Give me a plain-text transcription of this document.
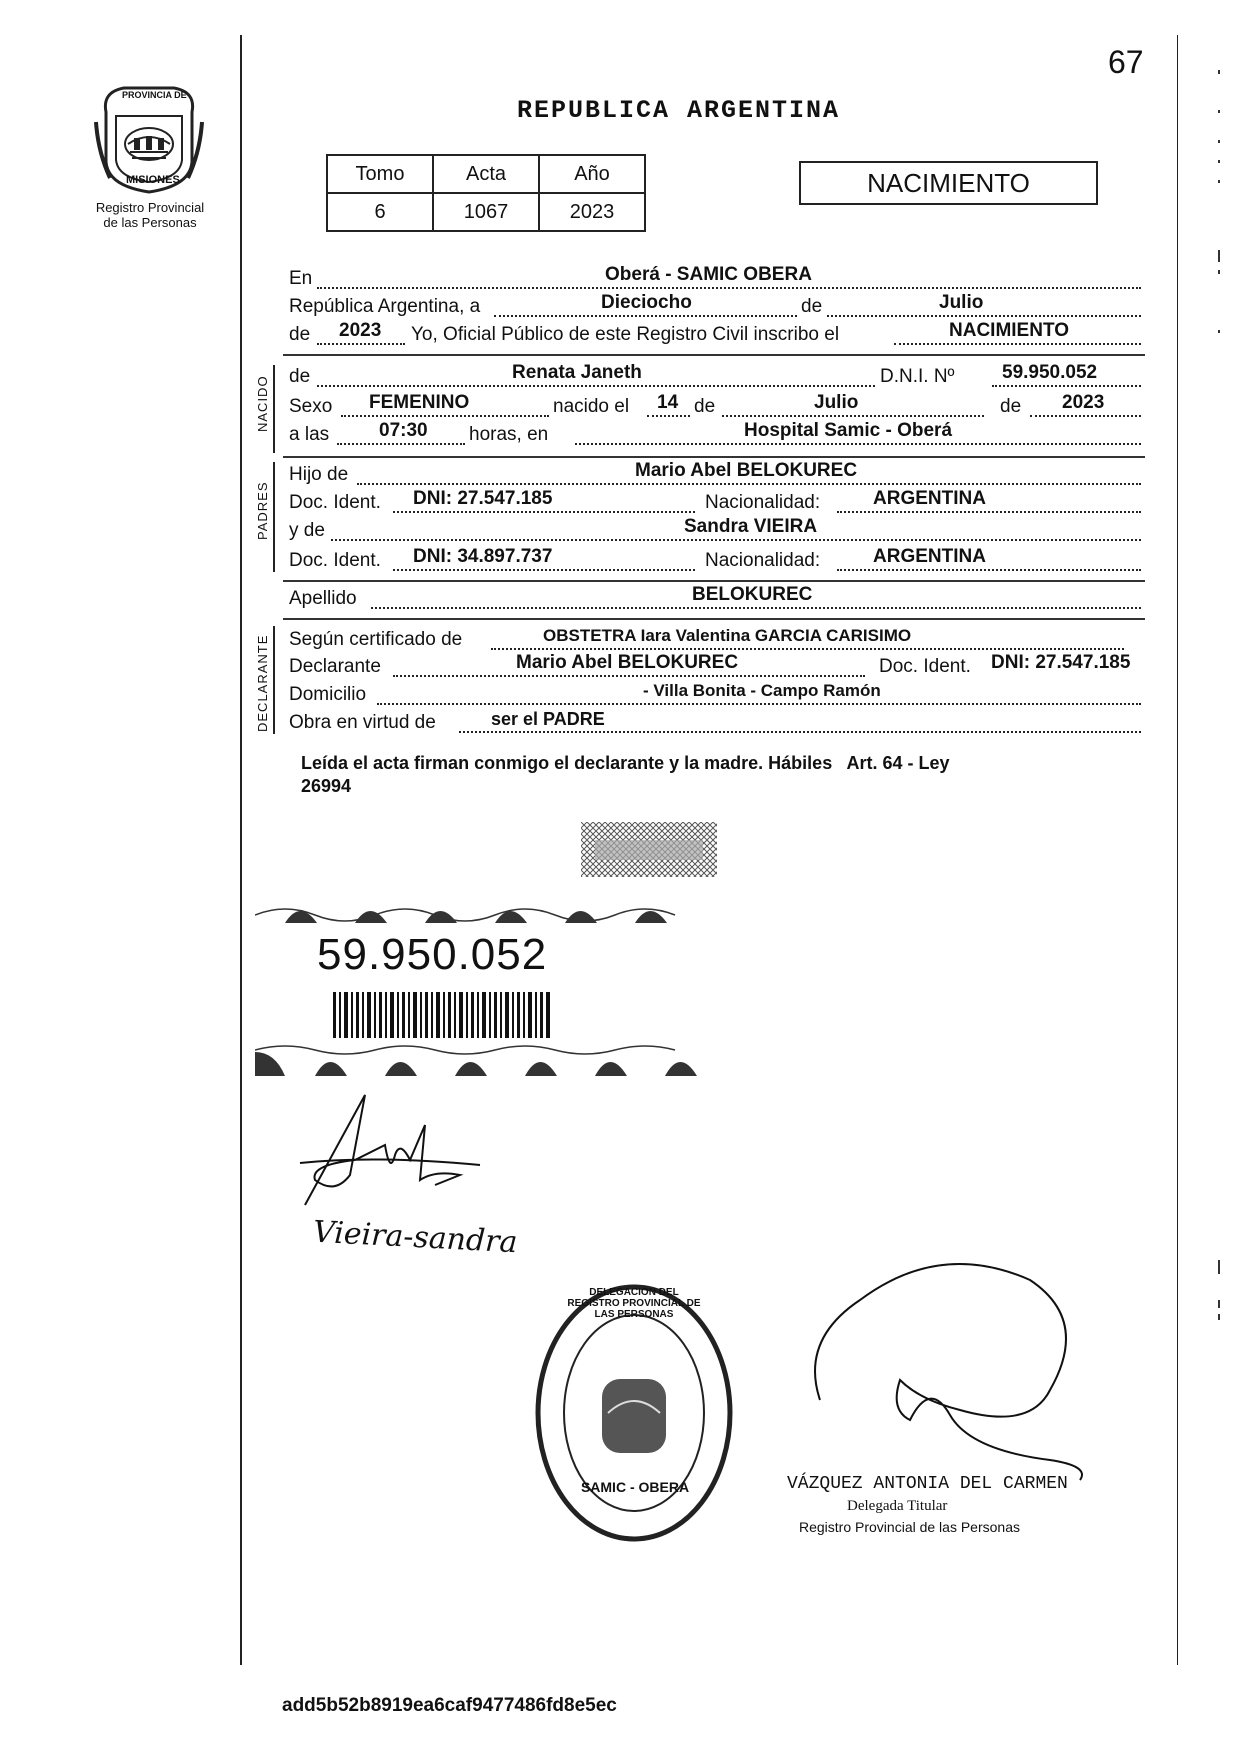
67
PROVINCIA DE
MISIONES
Registro Provincial
de las Personas
REPUBLICA ARGENTINA
Tomo	Acta	Año
6	1067	2023
NACIMIENTO
En	Oberá - SAMIC OBERA
República Argentina, a	Dieciocho	de	Julio
de 2023 Yo, Oficial Público de este Registro Civil inscribo el	NACIMIENTO
NACIDO de	Renata Janeth	D.N.I. Nº	59.950.052
Sexo FEMENINO	nacido el 14 de	Julio	de 2023
a las	07:30 horas, en	Hospital Samic - Oberá
PADRES
Hijo de	Mario Abel BELOKUREC
Doc. Ident. DNI: 27.547.185	Nacionalidad:	ARGENTINA
y de	Sandra VIEIRA
Doc. Ident. DNI: 34.897.737	Nacionalidad:	ARGENTINA
Apellido	BELOKUREC
DECLARANTE Según certificado de	OBSTETRA Iara Valentina GARCIA CARISIMO
Declarante	Mario Abel BELOKUREC	Doc. Ident. DNI: 27.547.185
Domicilio	- Villa Bonita - Campo Ramón
Obra en virtud de	ser el PADRE
Leída el acta firman conmigo el declarante y la madre. Hábiles   Art. 64 - Ley
26994
59.950.052
Vieira-sandra
DELEGACIÓN DEL REGISTRO PROVINCIAL DE LAS PERSONAS
SAMIC - OBERA	VÁZQUEZ ANTONIA DEL CARMEN
Delegada Titular
Registro Provincial de las Personas
add5b52b8919ea6caf9477486fd8e5ec
